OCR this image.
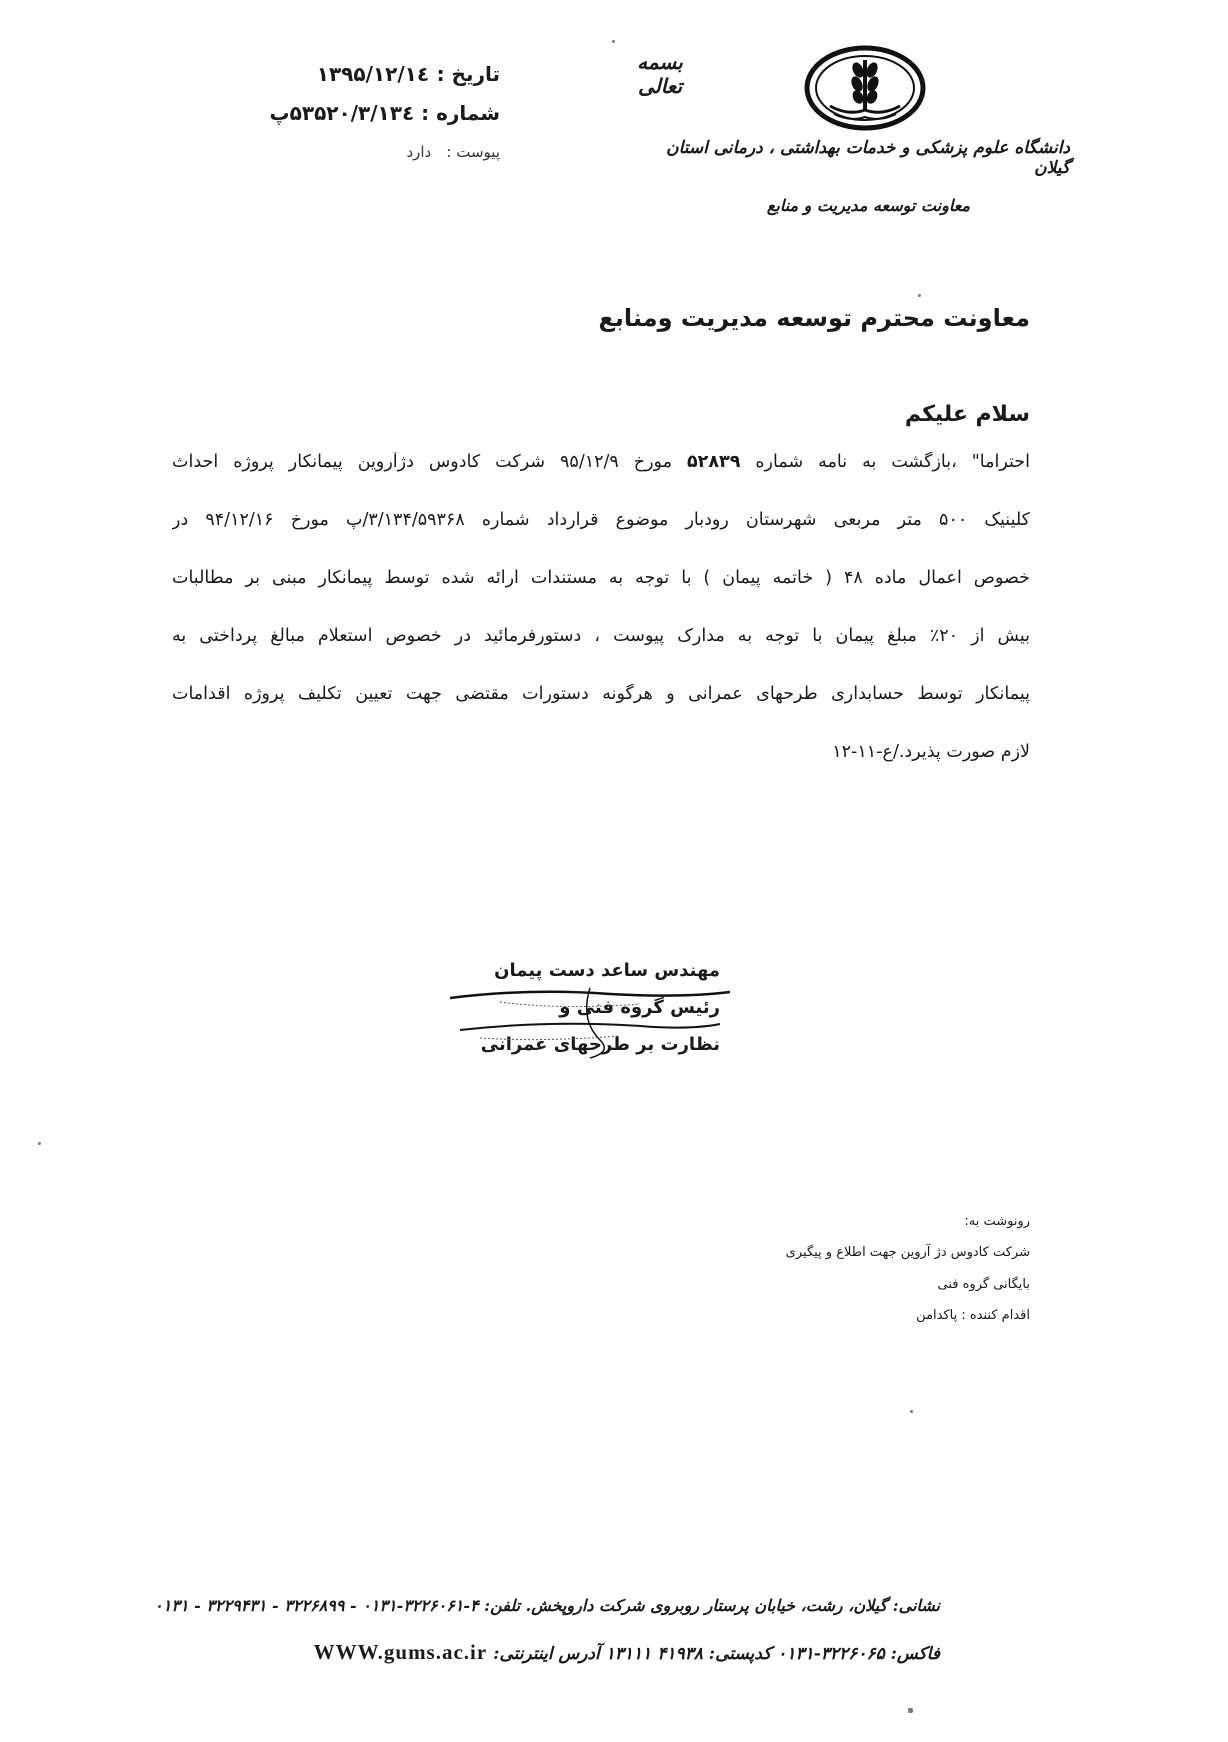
بسمه تعالی
دانشگاه علوم پزشکی و خدمات بهداشتی ، درمانی استان گیلان
معاونت توسعه مدیریت و منابع
تاریخ : ۱۳۹۵/۱۲/۱٤
شماره : ۳/۱۳٤/۵۳۵۲۰پ
پیوست : دارد
معاونت محترم توسعه مدیریت ومنابع
سلام علیکم
احتراما" ،بازگشت به نامه شماره ۵۲۸۳۹ مورخ ۹۵/۱۲/۹ شرکت کادوس دژآروین پیمانکار پروژه احداث
کلینیک ۵۰۰ متر مربعی شهرستان رودبار موضوع قرارداد شماره ۳/۱۳۴/۵۹۳۶۸/پ مورخ ۹۴/۱۲/۱۶ در
خصوص اعمال ماده ۴۸ ( خاتمه پیمان ) با توجه به مستندات ارائه شده توسط پیمانکار مبنی بر مطالبات
بیش از ۲۰٪ مبلغ پیمان با توجه به مدارک پیوست ، دستورفرمائید در خصوص استعلام مبالغ پرداختی به
پیمانکار توسط حسابداری طرحهای عمرانی و هرگونه دستورات مقتضی جهت تعیین تکلیف پروژه اقدامات
لازم صورت پذیرد./ع-۱۱-۱۲
مهندس ساعد دست پیمان
رئیس گروه فنی و
نظارت بر طرحهای عمرانی
رونوشت به:
شرکت کادوس دژ آروین جهت اطلاع و پیگیری
بایگانی گروه فنی
اقدام کننده : پاکدامن
نشانی: گیلان، رشت، خیابان پرستار روبروی شرکت داروپخش. تلفن: ۴-۳۲۲۶۰۶۱-۰۱۳۱ - ۳۲۲۶۸۹۹ - ۳۲۲۹۴۳۱ - ۰۱۳۱
فاکس: ۳۲۲۶۰۶۵-۰۱۳۱ کدپستی: ۴۱۹۳۸ ۱۳۱۱۱ آدرس اینترنتی: WWW.gums.ac.ir
